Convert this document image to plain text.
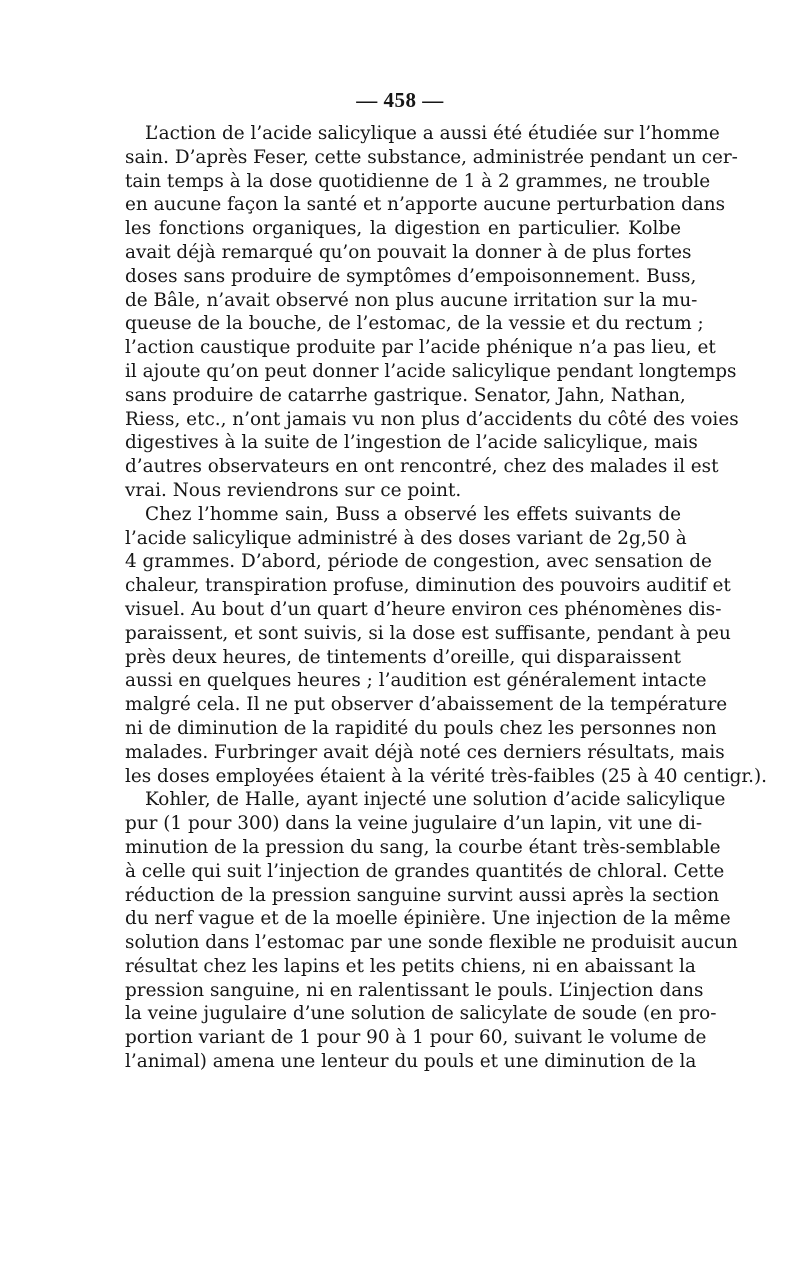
— 458 —
L’action de l’acide salicylique a aussi été étudiée sur l’homme
sain. D’après Feser, cette substance, administrée pendant un cer-
tain temps à la dose quotidienne de 1 à 2 grammes, ne trouble
en aucune façon la santé et n’apporte aucune perturbation dans
les fonctions organiques, la digestion en particulier. Kolbe
avait déjà remarqué qu’on pouvait la donner à de plus fortes
doses sans produire de symptômes d’empoisonnement. Buss,
de Bâle, n’avait observé non plus aucune irritation sur la mu-
queuse de la bouche, de l’estomac, de la vessie et du rectum ;
l’action caustique produite par l’acide phénique n’a pas lieu, et
il ajoute qu’on peut donner l’acide salicylique pendant longtemps
sans produire de catarrhe gastrique. Senator, Jahn, Nathan,
Riess, etc., n’ont jamais vu non plus d’accidents du côté des voies
digestives à la suite de l’ingestion de l’acide salicylique, mais
d’autres observateurs en ont rencontré, chez des malades il est
vrai. Nous reviendrons sur ce point.
Chez l’homme sain, Buss a observé les effets suivants de
l’acide salicylique administré à des doses variant de 2g,50 à
4 grammes. D’abord, période de congestion, avec sensation de
chaleur, transpiration profuse, diminution des pouvoirs auditif et
visuel. Au bout d’un quart d’heure environ ces phénomènes dis-
paraissent, et sont suivis, si la dose est suffisante, pendant à peu
près deux heures, de tintements d’oreille, qui disparaissent
aussi en quelques heures ; l’audition est généralement intacte
malgré cela. Il ne put observer d’abaissement de la température
ni de diminution de la rapidité du pouls chez les personnes non
malades. Furbringer avait déjà noté ces derniers résultats, mais
les doses employées étaient à la vérité très-faibles (25 à 40 centigr.).
Kohler, de Halle, ayant injecté une solution d’acide salicylique
pur (1 pour 300) dans la veine jugulaire d’un lapin, vit une di-
minution de la pression du sang, la courbe étant très-semblable
à celle qui suit l’injection de grandes quantités de chloral. Cette
réduction de la pression sanguine survint aussi après la section
du nerf vague et de la moelle épinière. Une injection de la même
solution dans l’estomac par une sonde flexible ne produisit aucun
résultat chez les lapins et les petits chiens, ni en abaissant la
pression sanguine, ni en ralentissant le pouls. L’injection dans
la veine jugulaire d’une solution de salicylate de soude (en pro-
portion variant de 1 pour 90 à 1 pour 60, suivant le volume de
l’animal) amena une lenteur du pouls et une diminution de la
